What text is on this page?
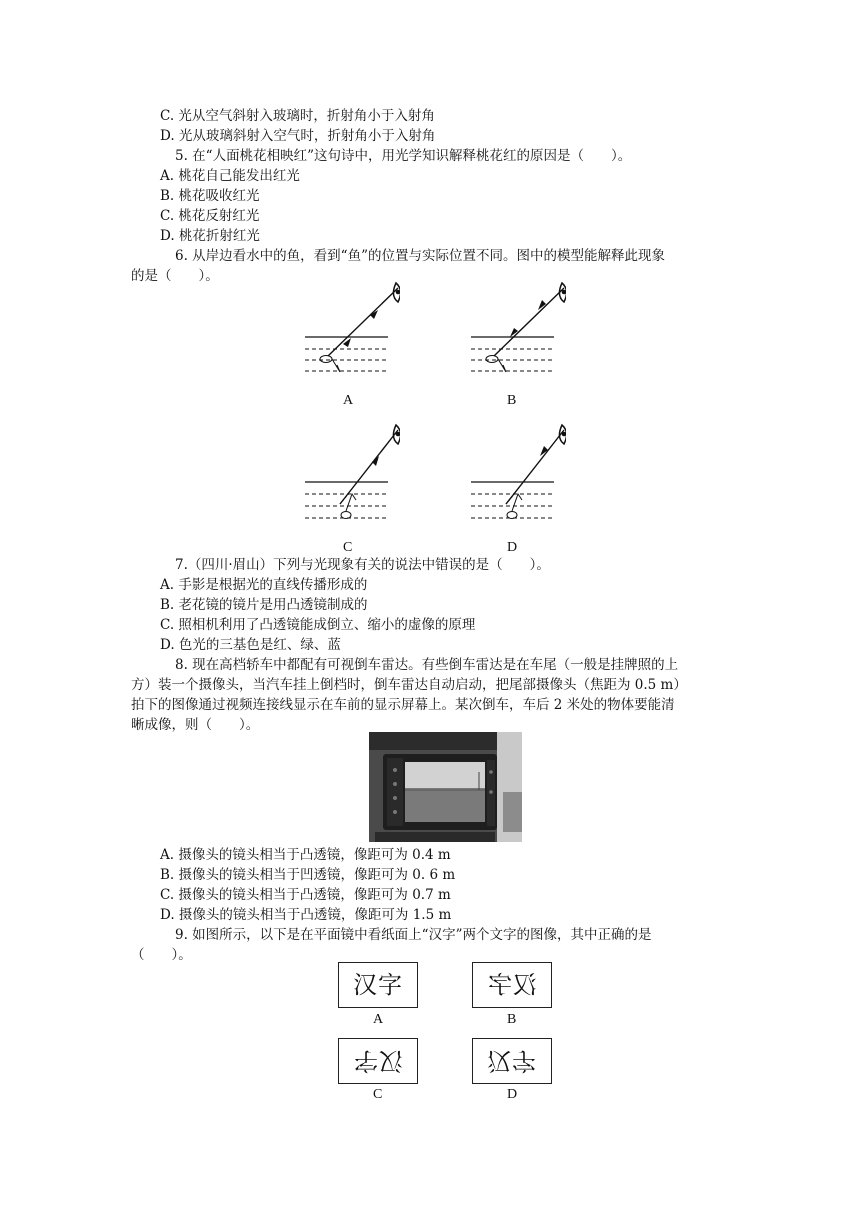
C. 光从空气斜射入玻璃时，折射角小于入射角
D. 光从玻璃斜射入空气时，折射角小于入射角
5. 在“人面桃花相映红”这句诗中，用光学知识解释桃花红的原因是（　　）。
A. 桃花自己能发出红光
B. 桃花吸收红光
C. 桃花反射红光
D. 桃花折射红光
6. 从岸边看水中的鱼，看到“鱼”的位置与实际位置不同。图中的模型能解释此现象
的是（　　）。
A	B
C	D
7.（四川·眉山）下列与光现象有关的说法中错误的是（　　）。
A. 手影是根据光的直线传播形成的
B. 老花镜的镜片是用凸透镜制成的
C. 照相机利用了凸透镜能成倒立、缩小的虚像的原理
D. 色光的三基色是红、绿、蓝
8. 现在高档轿车中都配有可视倒车雷达。有些倒车雷达是在车尾（一般是挂牌照的上
方）装一个摄像头，当汽车挂上倒档时，倒车雷达自动启动，把尾部摄像头（焦距为 0.5 m）
拍下的图像通过视频连接线显示在车前的显示屏幕上。某次倒车，车后 2 米处的物体要能清
晰成像，则（　　）。
A. 摄像头的镜头相当于凸透镜，像距可为 0.4 m
B. 摄像头的镜头相当于凹透镜，像距可为 0. 6 m
C. 摄像头的镜头相当于凸透镜，像距可为 0.7 m
D. 摄像头的镜头相当于凸透镜，像距可为 1.5 m
9. 如图所示，以下是在平面镜中看纸面上“汉字”两个文字的图像，其中正确的是
（　　）。
汉字
A
汉字
B
汉字
C
汉字
D
